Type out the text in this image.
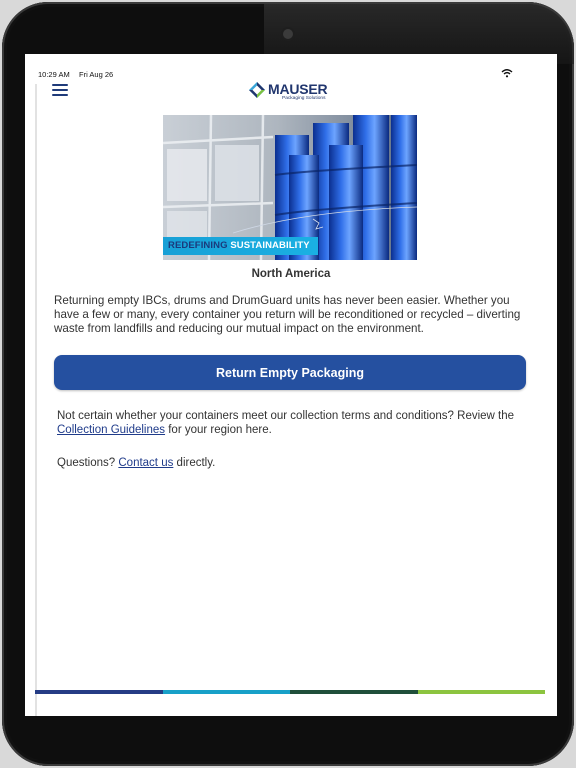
10:29 AM Fri Aug 26
MAUSER
Packaging Solutions
REDEFINING SUSTAINABILITY
North America
Returning empty IBCs, drums and DrumGuard units has never been easier. Whether you have a few or many, every container you return will be reconditioned or recycled – diverting waste from landfills and reducing our mutual impact on the environment.
Return Empty Packaging
Not certain whether your containers meet our collection terms and conditions? Review the Collection Guidelines for your region here.
Questions? Contact us directly.
